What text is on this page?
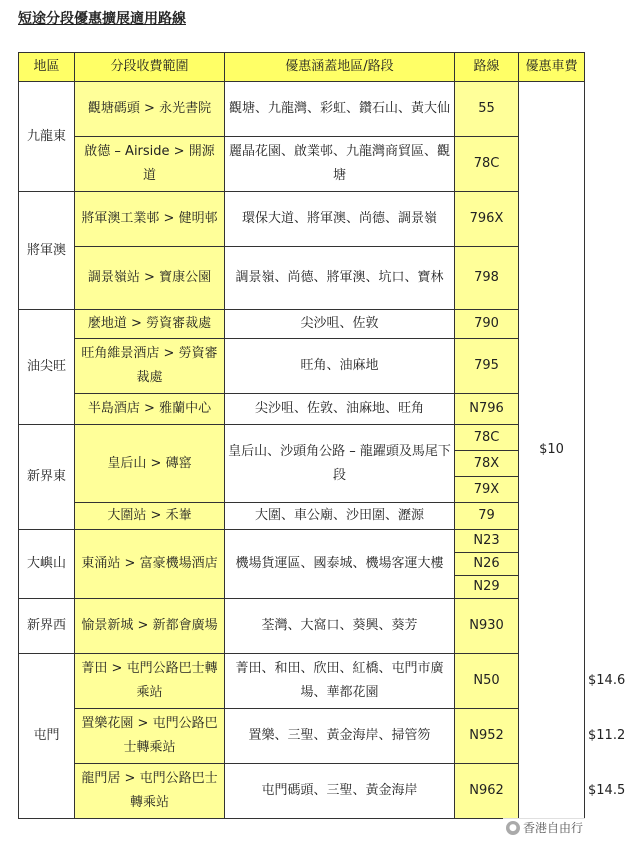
短途分段優惠擴展適用路線
地區	分段收費範圍	優惠涵蓋地區/路段	路線	優惠車費	
九龍東	觀塘碼頭 > 永光書院	觀塘、九龍灣、彩虹、鑽石山、黃大仙	55	$10	
	啟德 – Airside > 開源道	麗晶花園、啟業邨、九龍灣商貿區、觀塘	78C		
將軍澳	將軍澳工業邨 > 健明邨	環保大道、將軍澳、尚德、調景嶺	796X		
	調景嶺站 > 寶康公園	調景嶺、尚德、將軍澳、坑口、寶林	798		
油尖旺	麼地道 > 勞資審裁處	尖沙咀、佐敦	790		
	旺角維景酒店 > 勞資審裁處	旺角、油麻地	795		
	半島酒店 > 雅蘭中心	尖沙咀、佐敦、油麻地、旺角	N796		
新界東	皇后山 > 磚窰	皇后山、沙頭角公路 – 龍躍頭及馬尾下段	78C		
			78X		
			79X		
	大圍站 > 禾輋	大圍、車公廟、沙田圍、瀝源	79		
大嶼山	東涌站 > 富豪機場酒店	機場貨運區、國泰城、機場客運大樓	N23		
			N26		
			N29		
新界西	愉景新城 > 新都會廣場	荃灣、大窩口、葵興、葵芳	N930		
屯門	菁田 > 屯門公路巴士轉乘站	菁田、和田、欣田、紅橋、屯門市廣場、華都花園	N50		$14.6
	置樂花園 > 屯門公路巴士轉乘站	置樂、三聖、黃金海岸、掃管笏	N952		$11.2
	龍門居 > 屯門公路巴士轉乘站	屯門碼頭、三聖、黃金海岸	N962		$14.5
● 香港自由行
